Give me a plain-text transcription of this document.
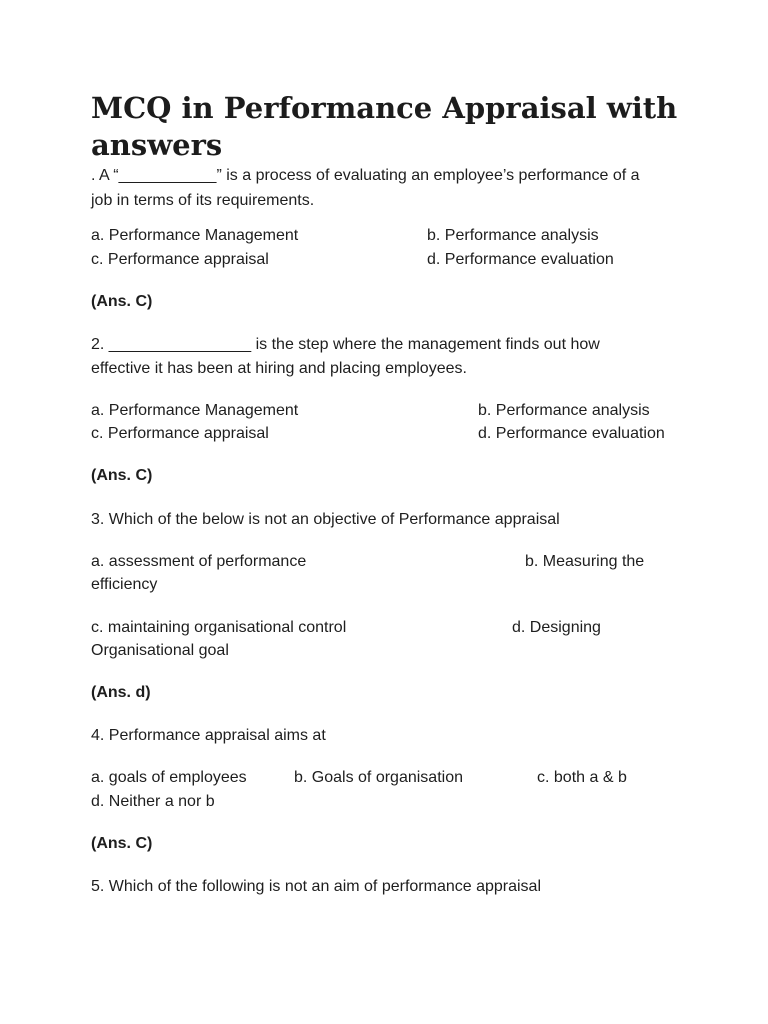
MCQ in Performance Appraisal with
answers
. A “___________” is a process of evaluating an employee’s performance of a
job in terms of its requirements.
a. Performance Management	b. Performance analysis
c. Performance appraisal	d. Performance evaluation
(Ans. C)
2. ________________ is the step where the management finds out how
effective it has been at hiring and placing employees.
a. Performance Management	b. Performance analysis
c. Performance appraisal	d. Performance evaluation
(Ans. C)
3. Which of the below is not an objective of Performance appraisal
a. assessment of performance	b. Measuring the
efficiency
c. maintaining organisational control	d. Designing
Organisational goal
(Ans. d)
4. Performance appraisal aims at
a. goals of employees	b. Goals of organisation	c. both a & b
d. Neither a nor b
(Ans. C)
5. Which of the following is not an aim of performance appraisal
